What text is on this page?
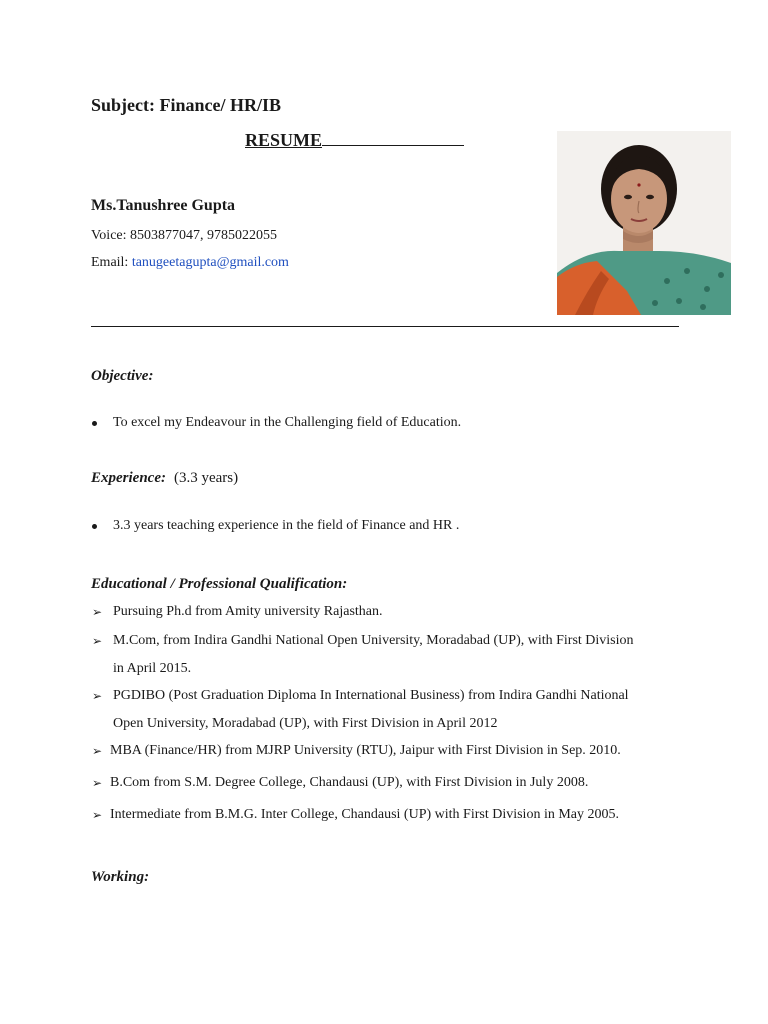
Subject: Finance/ HR/IB
RESUME
Ms.Tanushree Gupta
Voice: 8503877047, 9785022055
Email: tanugeetagupta@gmail.com
Objective:
To excel my Endeavour in the Challenging field of Education.
Experience: (3.3 years)
3.3 years teaching experience in the field of Finance and HR .
Educational / Professional Qualification:
➢ Pursuing Ph.d from Amity university Rajasthan.
➢ M.Com, from Indira Gandhi National Open University, Moradabad (UP), with First Division
in April 2015.
➢ PGDIBO (Post Graduation Diploma In International Business) from Indira Gandhi National
Open University, Moradabad (UP), with First Division in April 2012
➢ MBA (Finance/HR) from MJRP University (RTU), Jaipur with First Division in Sep. 2010.
➢ B.Com from S.M. Degree College, Chandausi (UP), with First Division in July 2008.
➢ Intermediate from B.M.G. Inter College, Chandausi (UP) with First Division in May 2005.
Working:
